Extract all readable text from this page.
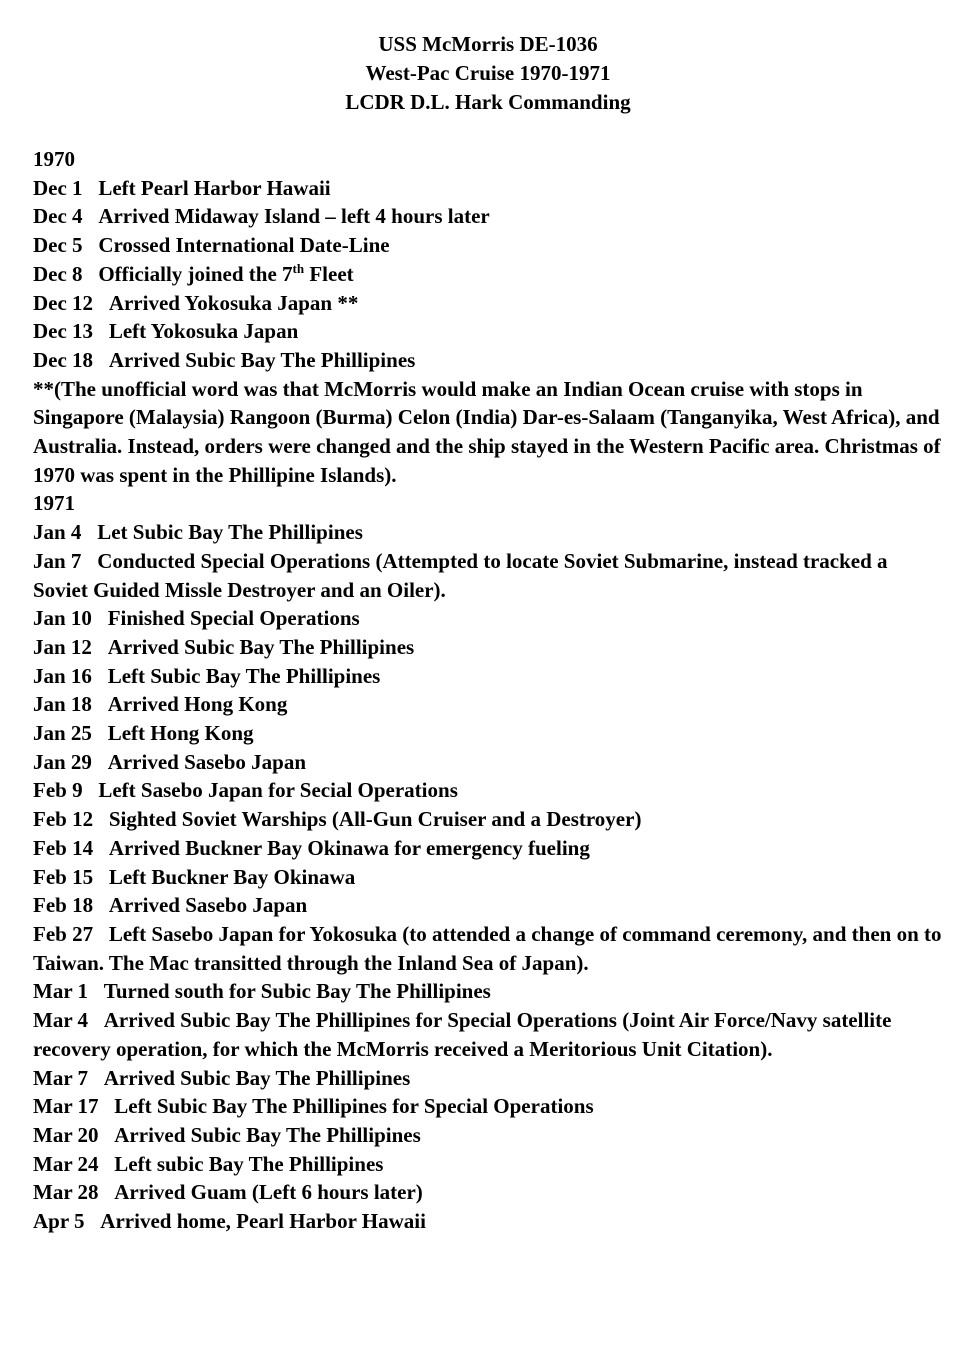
USS McMorris DE-1036
West-Pac Cruise 1970-1971
LCDR D.L. Hark Commanding
1970
Dec 1 Left Pearl Harbor Hawaii
Dec 4 Arrived Midaway Island – left 4 hours later
Dec 5 Crossed International Date-Line
Dec 8 Officially joined the 7th Fleet
Dec 12 Arrived Yokosuka Japan **
Dec 13 Left Yokosuka Japan
Dec 18 Arrived Subic Bay The Phillipines
**(The unofficial word was that McMorris would make an Indian Ocean cruise with stops in Singapore (Malaysia) Rangoon (Burma) Celon (India) Dar-es-Salaam (Tanganyika, West Africa), and Australia. Instead, orders were changed and the ship stayed in the Western Pacific area. Christmas of 1970 was spent in the Phillipine Islands).
1971
Jan 4 Let Subic Bay The Phillipines
Jan 7 Conducted Special Operations (Attempted to locate Soviet Submarine, instead tracked a Soviet Guided Missle Destroyer and an Oiler).
Jan 10 Finished Special Operations
Jan 12 Arrived Subic Bay The Phillipines
Jan 16 Left Subic Bay The Phillipines
Jan 18 Arrived Hong Kong
Jan 25 Left Hong Kong
Jan 29 Arrived Sasebo Japan
Feb 9 Left Sasebo Japan for Secial Operations
Feb 12 Sighted Soviet Warships (All-Gun Cruiser and a Destroyer)
Feb 14 Arrived Buckner Bay Okinawa for emergency fueling
Feb 15 Left Buckner Bay Okinawa
Feb 18 Arrived Sasebo Japan
Feb 27 Left Sasebo Japan for Yokosuka (to attended a change of command ceremony, and then on to Taiwan. The Mac transitted through the Inland Sea of Japan).
Mar 1 Turned south for Subic Bay The Phillipines
Mar 4 Arrived Subic Bay The Phillipines for Special Operations (Joint Air Force/Navy satellite recovery operation, for which the McMorris received a Meritorious Unit Citation).
Mar 7 Arrived Subic Bay The Phillipines
Mar 17 Left Subic Bay The Phillipines for Special Operations
Mar 20 Arrived Subic Bay The Phillipines
Mar 24 Left subic Bay The Phillipines
Mar 28 Arrived Guam (Left 6 hours later)
Apr 5 Arrived home, Pearl Harbor Hawaii
